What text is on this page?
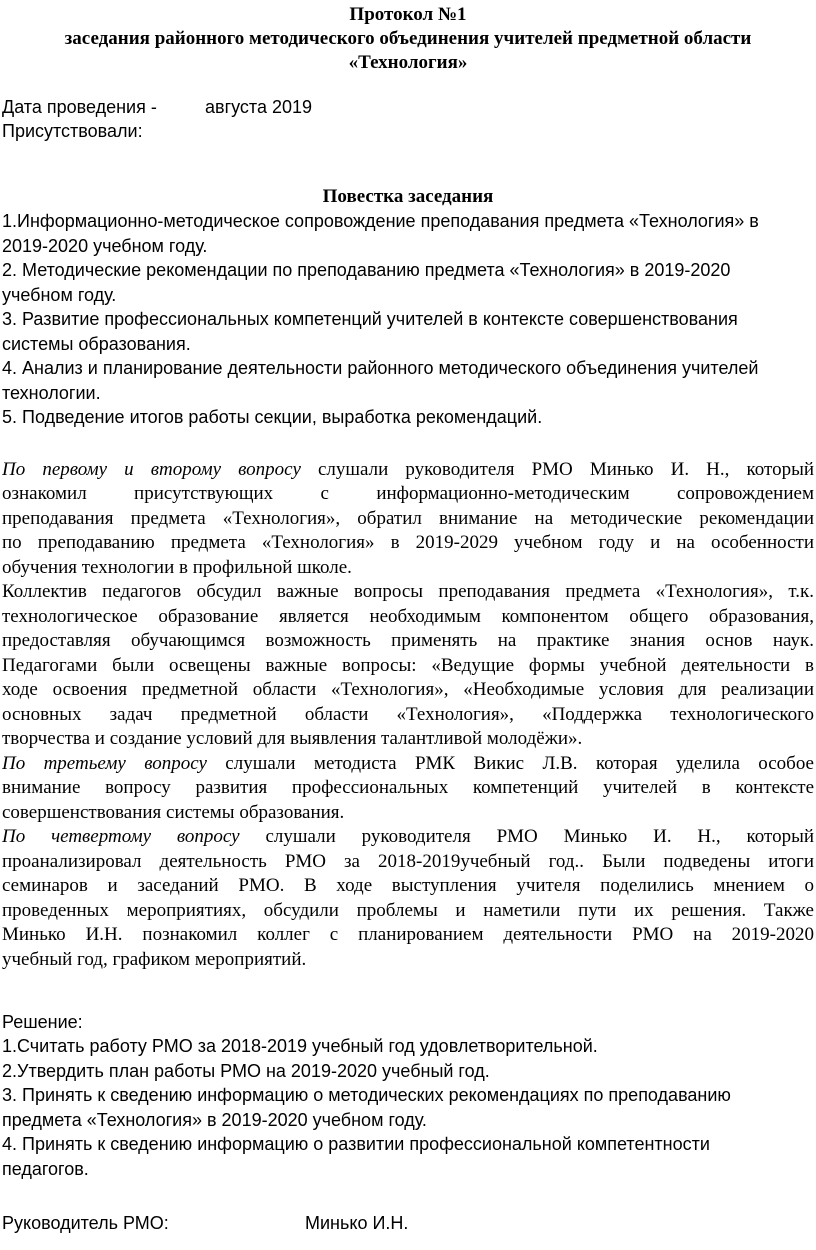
Протокол №1
заседания районного методического объединения учителей предметной области
«Технология»
Дата проведения -	августа 2019
Присутствовали:
Повестка заседания
1.Информационно-методическое сопровождение преподавания предмета «Технология» в
2019-2020 учебном году.
2. Методические рекомендации по преподаванию предмета «Технология» в 2019-2020
учебном году.
3. Развитие профессиональных компетенций учителей в контексте совершенствования
системы образования.
4. Анализ и планирование деятельности районного методического объединения учителей
технологии.
5. Подведение итогов работы секции, выработка рекомендаций.
По первому и второму вопросу слушали руководителя РМО Минько И. Н., который
ознакомил присутствующих с информационно-методическим сопровождением
преподавания предмета «Технология», обратил внимание на методические рекомендации
по преподаванию предмета «Технология» в 2019-2029 учебном году и на особенности
обучения технологии в профильной школе.
Коллектив педагогов обсудил важные вопросы преподавания предмета «Технология», т.к.
технологическое образование является необходимым компонентом общего образования,
предоставляя обучающимся возможность применять на практике знания основ наук.
Педагогами были освещены важные вопросы: «Ведущие формы учебной деятельности в
ходе освоения предметной области «Технология», «Необходимые условия для реализации
основных задач предметной области «Технология», «Поддержка технологического
творчества и создание условий для выявления талантливой молодёжи».
По третьему вопросу слушали методиста РМК Викис Л.В. которая уделила особое
внимание вопросу развития профессиональных компетенций учителей в контексте
совершенствования системы образования.
По четвертому вопросу слушали руководителя РМО Минько И. Н., который
проанализировал деятельность РМО за 2018-2019учебный год.. Были подведены итоги
семинаров и заседаний РМО. В ходе выступления учителя поделились мнением о
проведенных мероприятиях, обсудили проблемы и наметили пути их решения. Также
Минько И.Н. познакомил коллег с планированием деятельности РМО на 2019-2020
учебный год, графиком мероприятий.
Решение:
1.Считать работу РМО за 2018-2019 учебный год удовлетворительной.
2.Утвердить план работы РМО на 2019-2020 учебный год.
3. Принять к сведению информацию о методических рекомендациях по преподаванию
предмета «Технология» в 2019-2020 учебном году.
4. Принять к сведению информацию о развитии профессиональной компетентности
педагогов.
Руководитель РМО:	Минько И.Н.
